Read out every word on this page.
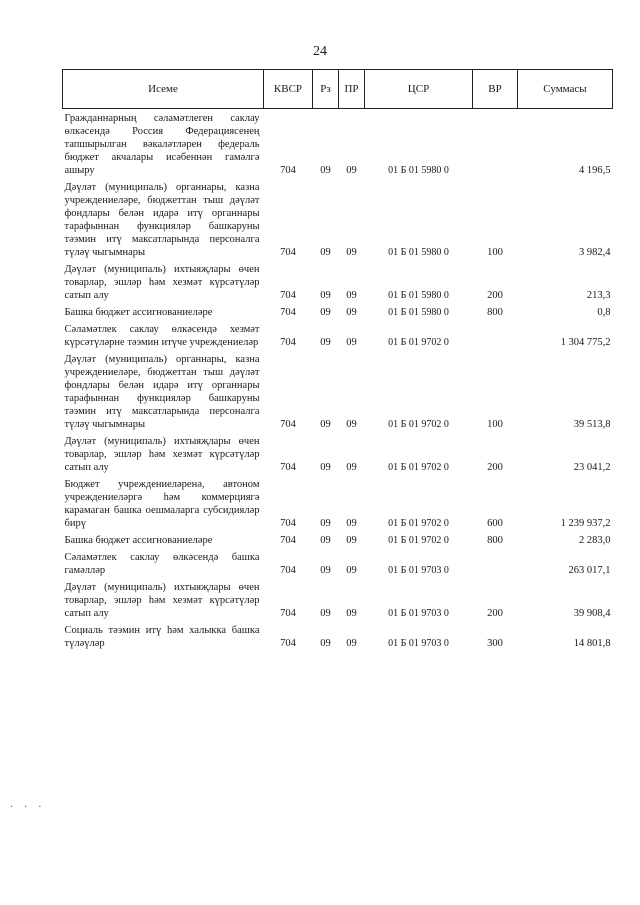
24
Исеме	КВСР	Рз	ПР	ЦСР	ВР	Суммасы
Гражданнарның сәламәтлеген саклау өлкәсендә Россия Федерациясенең тапшырылган вәкаләтләрен федераль бюджет акчалары исәбеннән гамәлгә ашыру	704	09	09	01 Б 01 5980 0		4 196,5
Дәүләт (муниципаль) органнары, казна учреждениеләре, бюджеттан тыш дәүләт фондлары белән идарә итү органнары тарафыннан функцияләр башкаруны тәэмин итү максатларында персоналга түләү чыгымнары	704	09	09	01 Б 01 5980 0	100	3 982,4
Дәүләт (муниципаль) ихтыяҗлары өчен товарлар, эшләр һәм хезмәт күрсәтүләр сатып алу	704	09	09	01 Б 01 5980 0	200	213,3
Башка бюджет ассигнованиеләре	704	09	09	01 Б 01 5980 0	800	0,8
Сәламәтлек саклау өлкәсендә хезмәт күрсәтүләрне тәэмин итүче учреждениеләр	704	09	09	01 Б 01 9702 0		1 304 775,2
Дәүләт (муниципаль) органнары, казна учреждениеләре, бюджеттан тыш дәүләт фондлары белән идарә итү органнары тарафыннан функцияләр башкаруны тәэмин итү максатларында персоналга түләү чыгымнары	704	09	09	01 Б 01 9702 0	100	39 513,8
Дәүләт (муниципаль) ихтыяҗлары өчен товарлар, эшләр һәм хезмәт күрсәтүләр сатып алу	704	09	09	01 Б 01 9702 0	200	23 041,2
Бюджет учреждениеләренә, автоном учреждениеләргә һәм коммерциягә карамаган башка оешмаларга субсидияләр бирү	704	09	09	01 Б 01 9702 0	600	1 239 937,2
Башка бюджет ассигнованиеләре	704	09	09	01 Б 01 9702 0	800	2 283,0
Сәламәтлек саклау өлкәсендә башка гамәлләр	704	09	09	01 Б 01 9703 0		263 017,1
Дәүләт (муниципаль) ихтыяҗлары өчен товарлар, эшләр һәм хезмәт күрсәтүләр сатып алу	704	09	09	01 Б 01 9703 0	200	39 908,4
Социаль тәэмин итү һәм халыкка башка түләүләр	704	09	09	01 Б 01 9703 0	300	14 801,8
.  .  .
